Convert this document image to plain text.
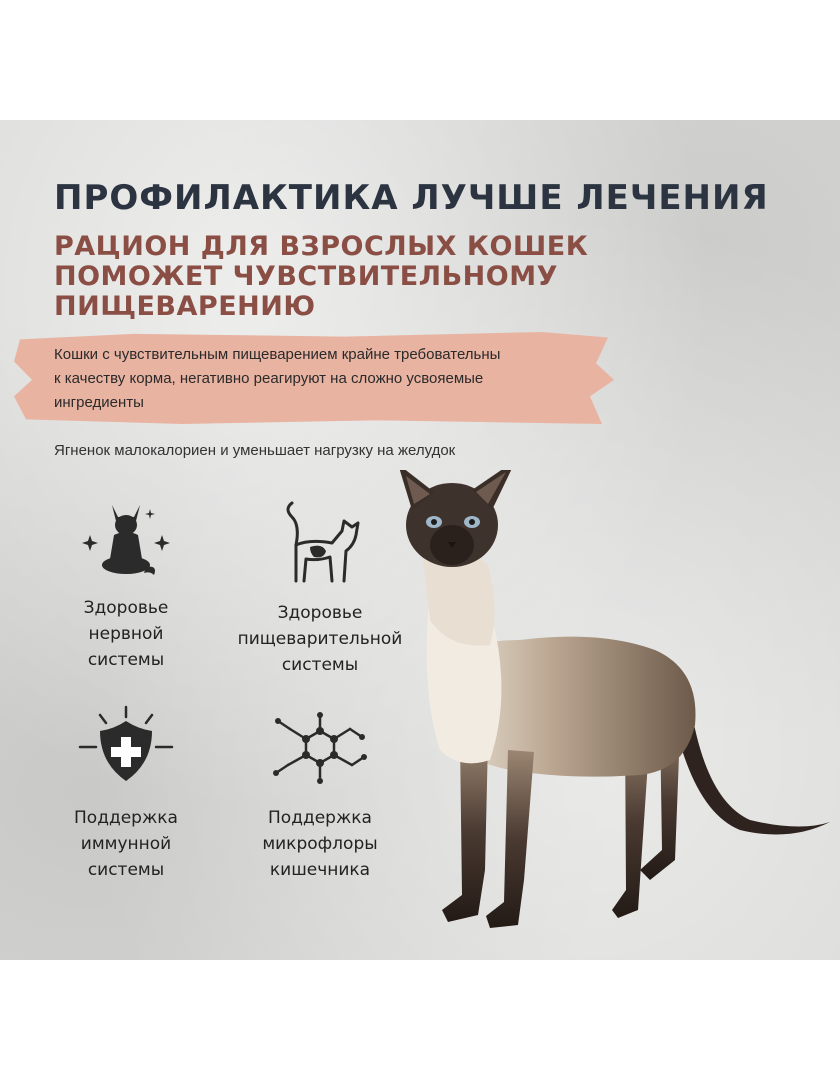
ПРОФИЛАКТИКА ЛУЧШЕ ЛЕЧЕНИЯ
РАЦИОН ДЛЯ ВЗРОСЛЫХ КОШЕК
ПОМОЖЕТ ЧУВСТВИТЕЛЬНОМУ
ПИЩЕВАРЕНИЮ
Кошки с чувствительным пищеварением крайне требовательны
к качеству корма, негативно реагируют на сложно усвояемые
ингредиенты

Ягненок малокалориен и уменьшает нагрузку на желудок

Здоровье
нервной
системы
Здоровье
пищеварительной
системы
Поддержка
иммунной
системы
Поддержка
микрофлоры
кишечника
